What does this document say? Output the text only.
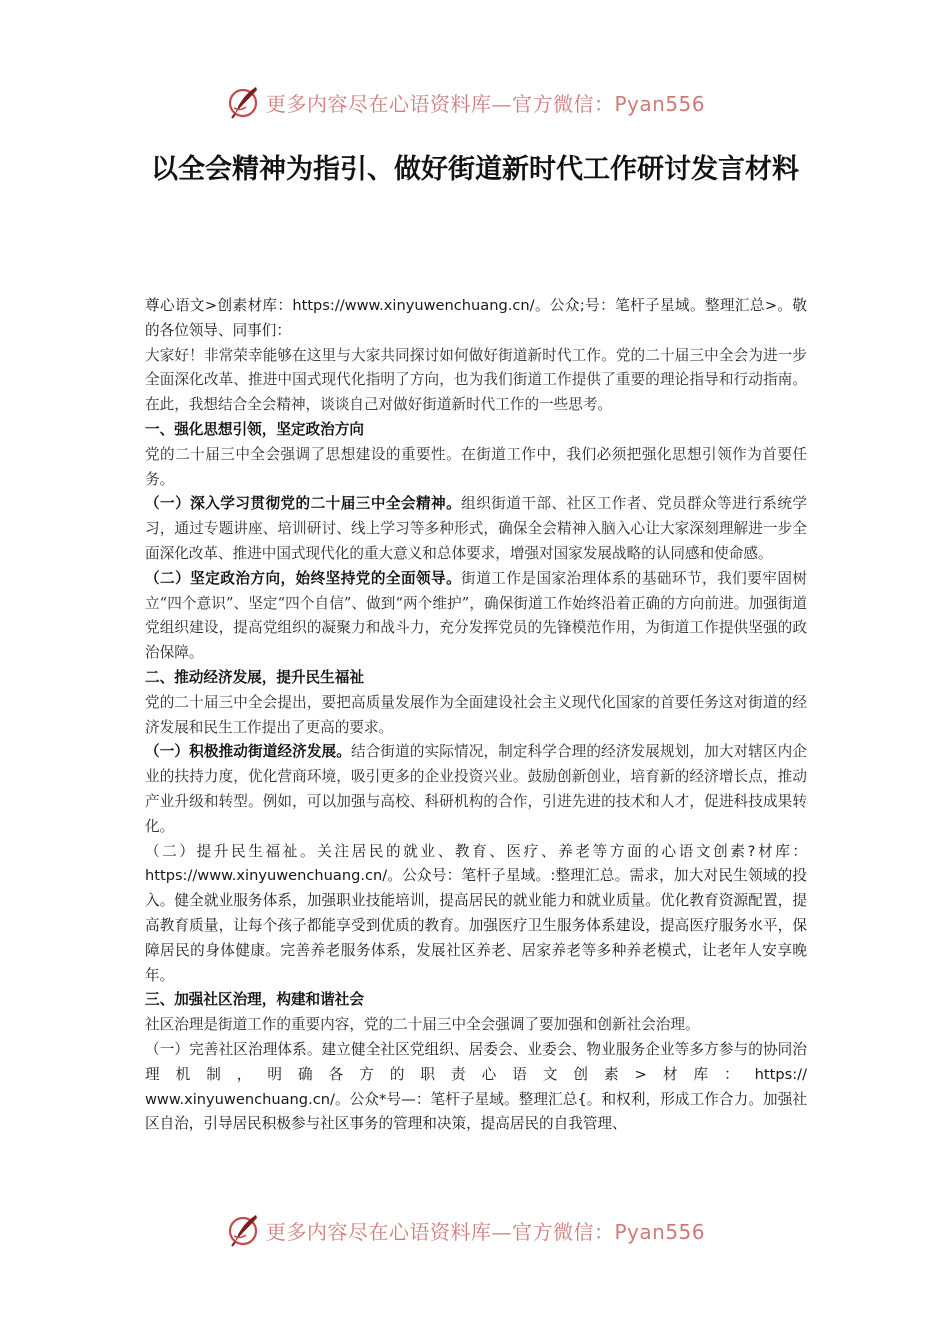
更多内容尽在心语资料库—官方微信：Pyan556
以全会精神为指引、做好街道新时代工作研讨发言材料

尊心语文>创素材库：https://www.xinyuwenchuang.cn/。公众;号：笔杆子星域。整理汇总>。敬的各位领导、同事们：

大家好！非常荣幸能够在这里与大家共同探讨如何做好街道新时代工作。党的二十届三中全会为进一步全面深化改革、推进中国式现代化指明了方向，也为我们街道工作提供了重要的理论指导和行动指南。在此，我想结合全会精神，谈谈自己对做好街道新时代工作的一些思考。

一、强化思想引领，坚定政治方向

党的二十届三中全会强调了思想建设的重要性。在街道工作中，我们必须把强化思想引领作为首要任务。

（一）深入学习贯彻党的二十届三中全会精神。组织街道干部、社区工作者、党员群众等进行系统学习，通过专题讲座、培训研讨、线上学习等多种形式，确保全会精神入脑入心让大家深刻理解进一步全面深化改革、推进中国式现代化的重大意义和总体要求，增强对国家发展战略的认同感和使命感。

（二）坚定政治方向，始终坚持党的全面领导。街道工作是国家治理体系的基础环节，我们要牢固树立“四个意识”、坚定“四个自信”、做到“两个维护”，确保街道工作始终沿着正确的方向前进。加强街道党组织建设，提高党组织的凝聚力和战斗力，充分发挥党员的先锋模范作用，为街道工作提供坚强的政治保障。

二、推动经济发展，提升民生福祉

党的二十届三中全会提出，要把高质量发展作为全面建设社会主义现代化国家的首要任务这对街道的经济发展和民生工作提出了更高的要求。

（一）积极推动街道经济发展。结合街道的实际情况，制定科学合理的经济发展规划，加大对辖区内企业的扶持力度，优化营商环境，吸引更多的企业投资兴业。鼓励创新创业，培育新的经济增长点，推动产业升级和转型。例如，可以加强与高校、科研机构的合作，引进先进的技术和人才，促进科技成果转化。

（二）提升民生福祉。关注居民的就业、教育、医疗、养老等方面的心语文创素?材库：https://www.xinyuwenchuang.cn/。公众号：笔杆子星域。:整理汇总。需求，加大对民生领域的投入。健全就业服务体系，加强职业技能培训，提高居民的就业能力和就业质量。优化教育资源配置，提高教育质量，让每个孩子都能享受到优质的教育。加强医疗卫生服务体系建设，提高医疗服务水平，保障居民的身体健康。完善养老服务体系，发展社区养老、居家养老等多种养老模式，让老年人安享晚年。

三、加强社区治理，构建和谐社会

社区治理是街道工作的重要内容，党的二十届三中全会强调了要加强和创新社会治理。

（一）完善社区治理体系。建立健全社区党组织、居委会、业委会、物业服务企业等多方参与的协同治理机制，明确各方的职责心语文创素>材库：https://

www.xinyuwenchuang.cn/。公众*号—：笔杆子星域。整理汇总{。和权利，形成工作合力。加强社区自治，引导居民积极参与社区事务的管理和决策，提高居民的自我管理、

更多内容尽在心语资料库—官方微信：Pyan556
